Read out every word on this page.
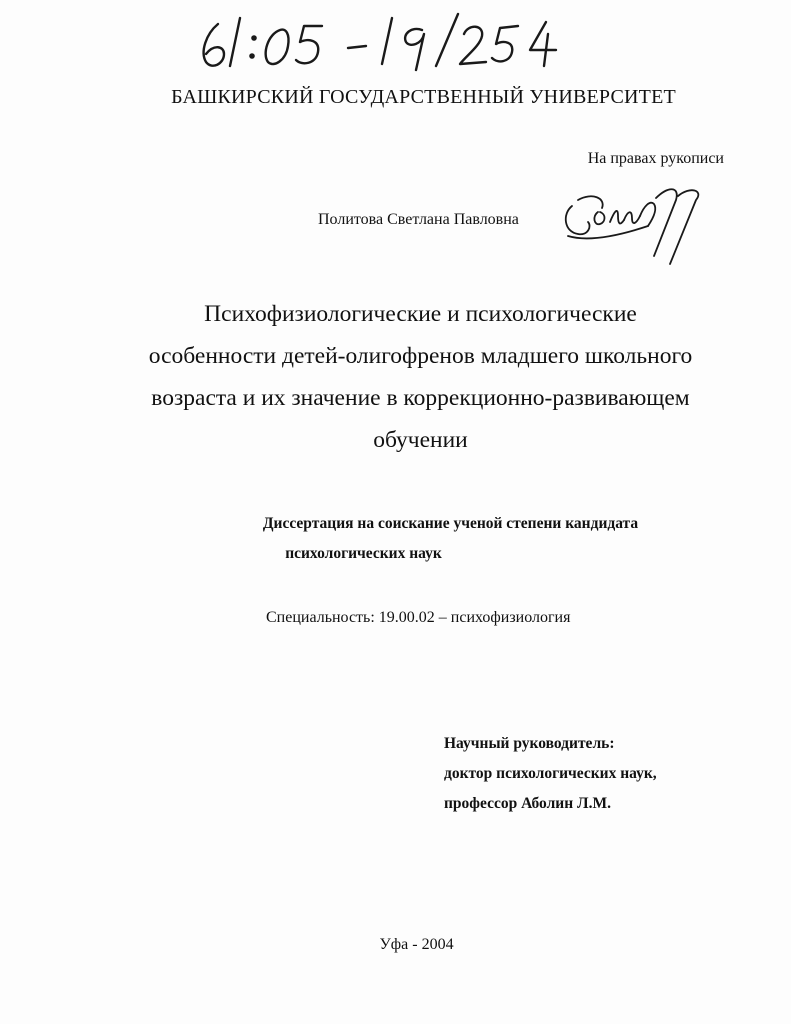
БАШКИРСКИЙ ГОСУДАРСТВЕННЫЙ УНИВЕРСИТЕТ

На правах рукописи

Политова Светлана Павловна

Психофизиологические и психологические
особенности детей-олигофренов младшего школьного
возраста и их значение в коррекционно-развивающем
обучении
Диссертация на соискание ученой степени кандидата
психологических наук

Специальность: 19.00.02 – психофизиология

Научный руководитель:
доктор психологических наук,
профессор Аболин Л.М.

Уфа - 2004
